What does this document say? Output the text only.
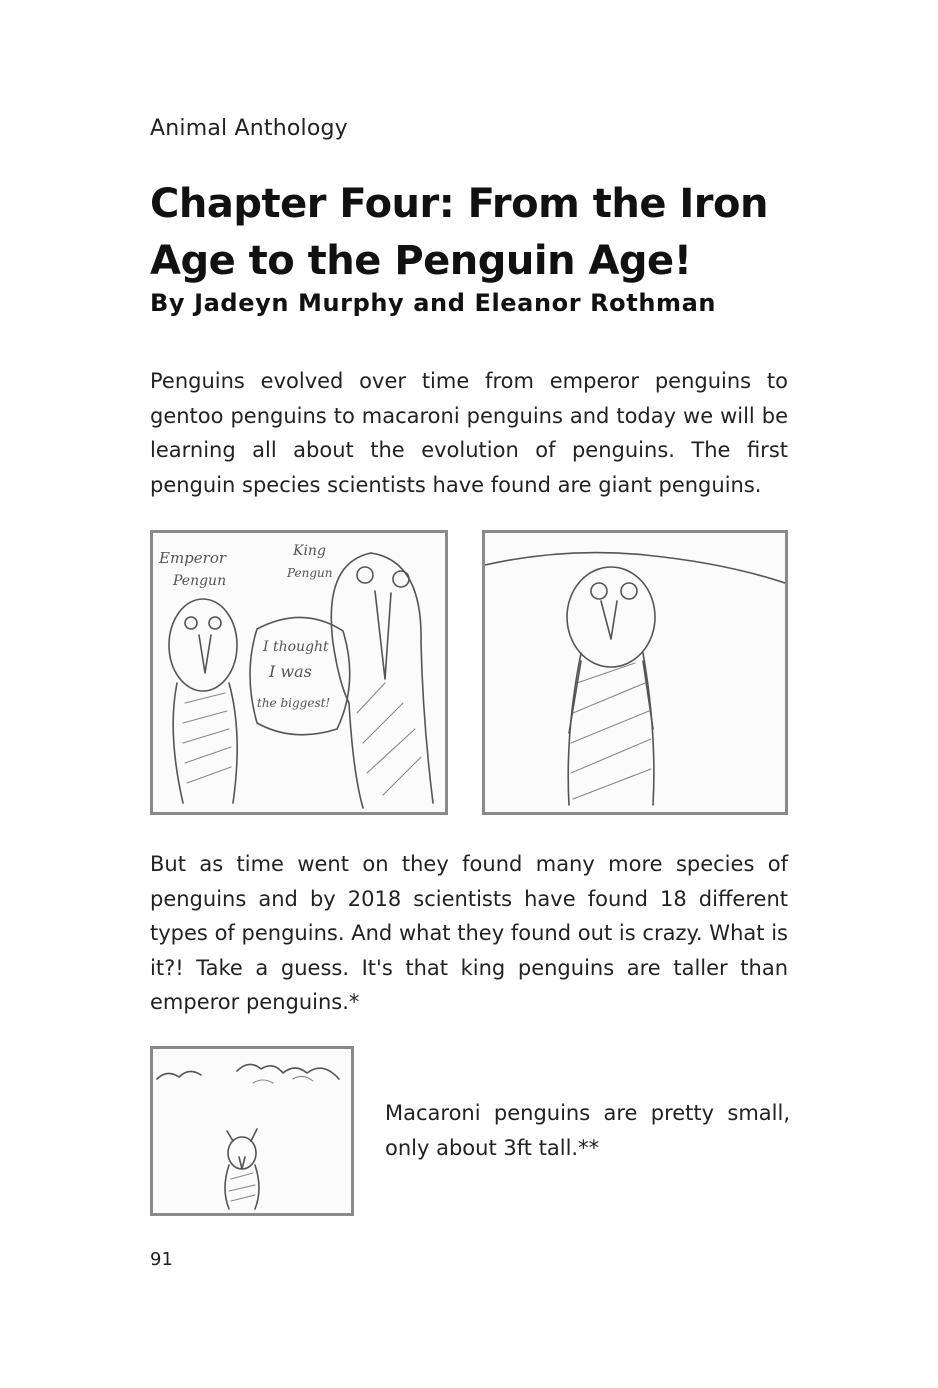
Animal Anthology
Chapter Four: From the Iron Age to the Penguin Age!
By Jadeyn Murphy and Eleanor Rothman

Penguins evolved over time from emperor penguins to gentoo penguins to macaroni penguins and today we will be learning all about the evolution of penguins. The first penguin species scientists have found are giant penguins.

Emperor
Pengun
King
Pengun
I thought
I was
the biggest!

But as time went on they found many more species of penguins and by 2018 scientists have found 18 different types of penguins. And what they found out is crazy. What is it?! Take a guess. It's that king penguins are taller than emperor penguins.*

Macaroni penguins are pretty small, only about 3ft tall.**

91
